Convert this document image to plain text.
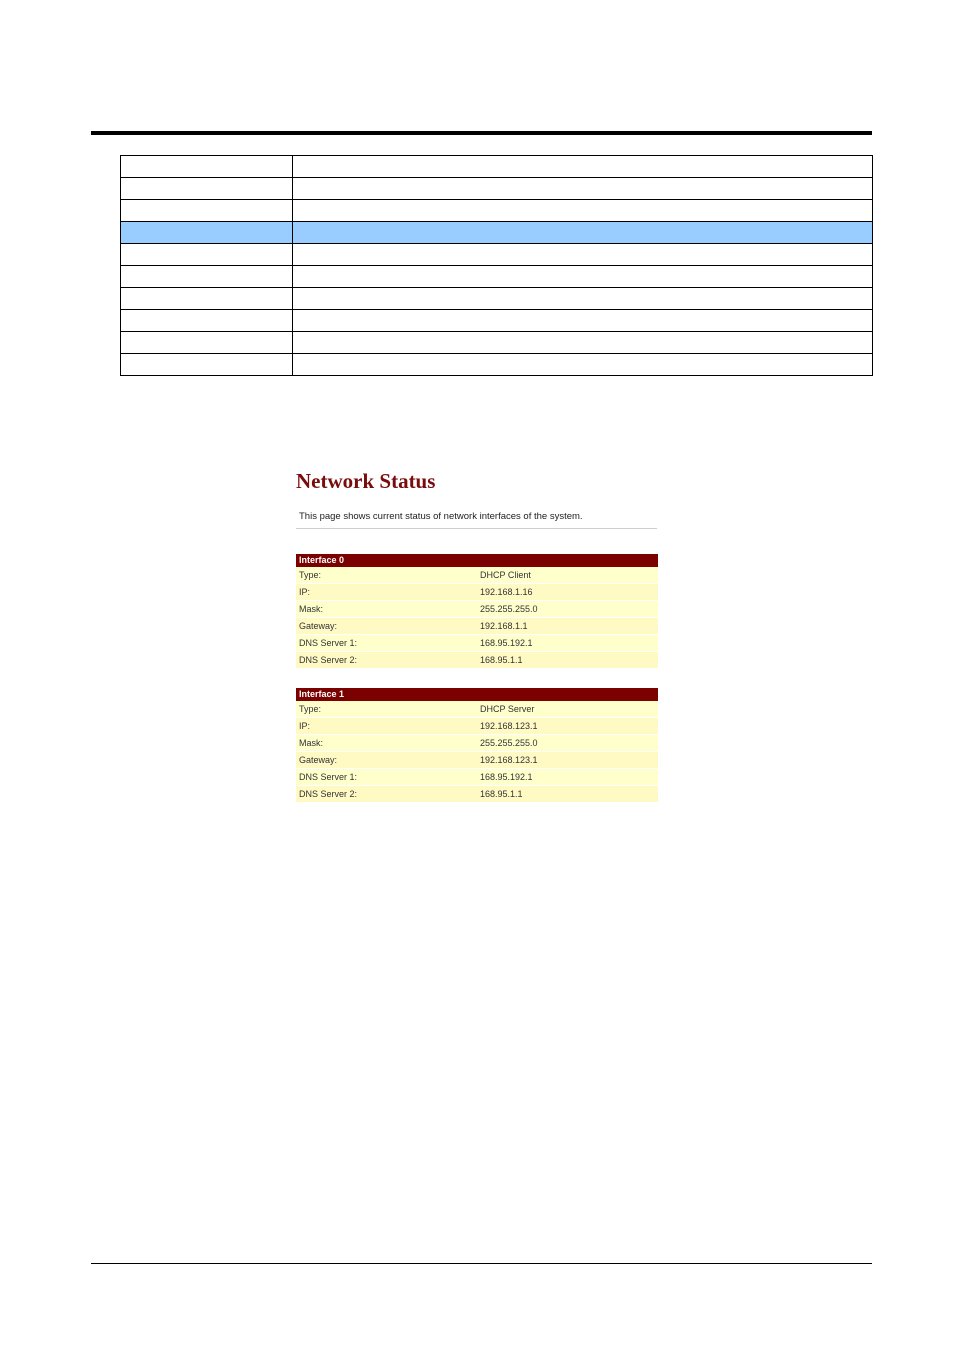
Network Status
This page shows current status of network interfaces of the system.
Interface 0	
Type:	DHCP Client
IP:	192.168.1.16
Mask:	255.255.255.0
Gateway:	192.168.1.1
DNS Server 1:	168.95.192.1
DNS Server 2:	168.95.1.1
Interface 1	
Type:	DHCP Server
IP:	192.168.123.1
Mask:	255.255.255.0
Gateway:	192.168.123.1
DNS Server 1:	168.95.192.1
DNS Server 2:	168.95.1.1
